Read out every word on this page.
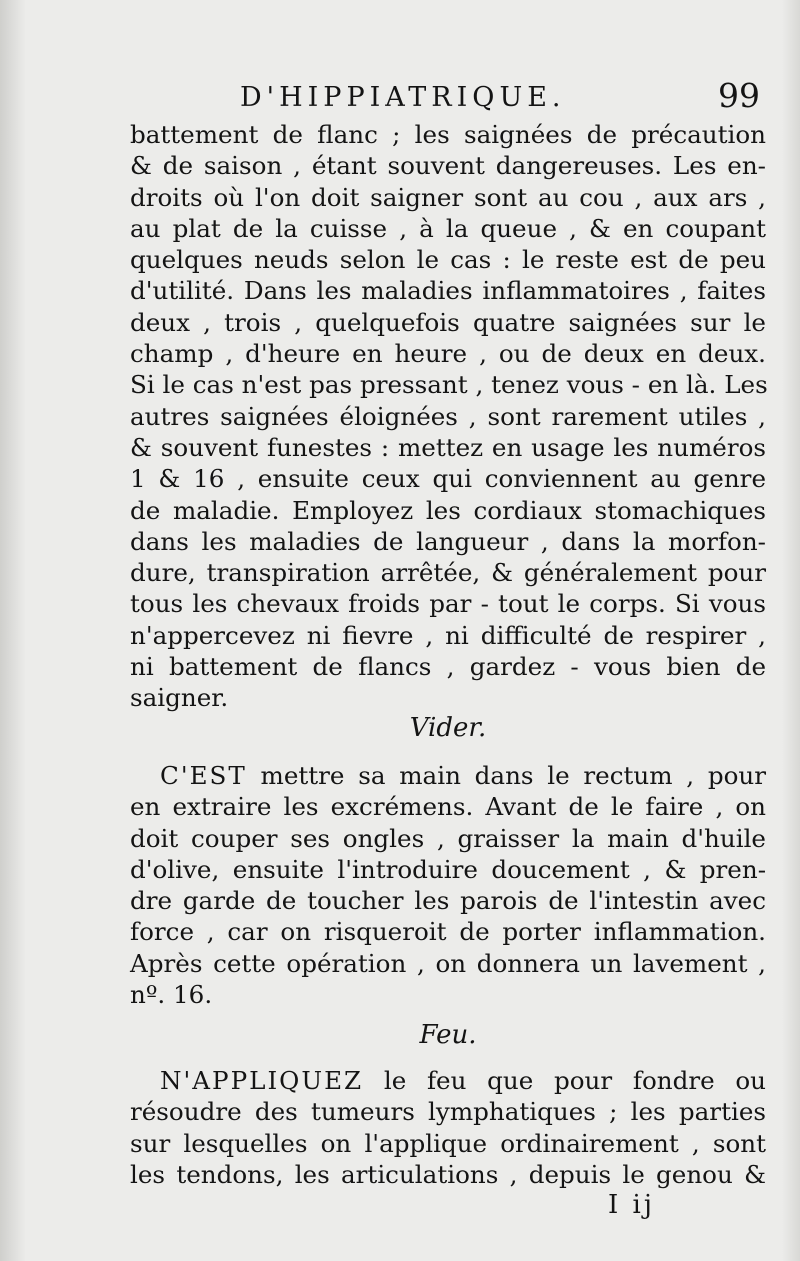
D'HIPPIATRIQUE.	99
battement de flanc ; les saignées de précaution
& de saison , étant souvent dangereuses. Les en-
droits où l'on doit saigner sont au cou , aux ars ,
au plat de la cuisse , à la queue , & en coupant
quelques neuds selon le cas : le reste est de peu
d'utilité. Dans les maladies inflammatoires , faites
deux , trois , quelquefois quatre saignées sur le
champ , d'heure en heure , ou de deux en deux.
Si le cas n'est pas pressant , tenez vous - en là. Les
autres saignées éloignées , sont rarement utiles ,
& souvent funestes : mettez en usage les numéros
1 & 16 , ensuite ceux qui conviennent au genre
de maladie. Employez les cordiaux stomachiques
dans les maladies de langueur , dans la morfon-
dure, transpiration arrêtée, & généralement pour
tous les chevaux froids par - tout le corps. Si vous
n'appercevez ni fievre , ni difficulté de respirer ,
ni battement de flancs , gardez - vous bien de
saigner.
Vider.
C'EST mettre sa main dans le rectum , pour
en extraire les excrémens. Avant de le faire , on
doit couper ses ongles , graisser la main d'huile
d'olive, ensuite l'introduire doucement , & pren-
dre garde de toucher les parois de l'intestin avec
force , car on risqueroit de porter inflammation.
Après cette opération , on donnera un lavement ,
nº. 16.
Feu.
N'APPLIQUEZ le feu que pour fondre ou
résoudre des tumeurs lymphatiques ; les parties
sur lesquelles on l'applique ordinairement , sont
les tendons, les articulations , depuis le genou &
I ij
